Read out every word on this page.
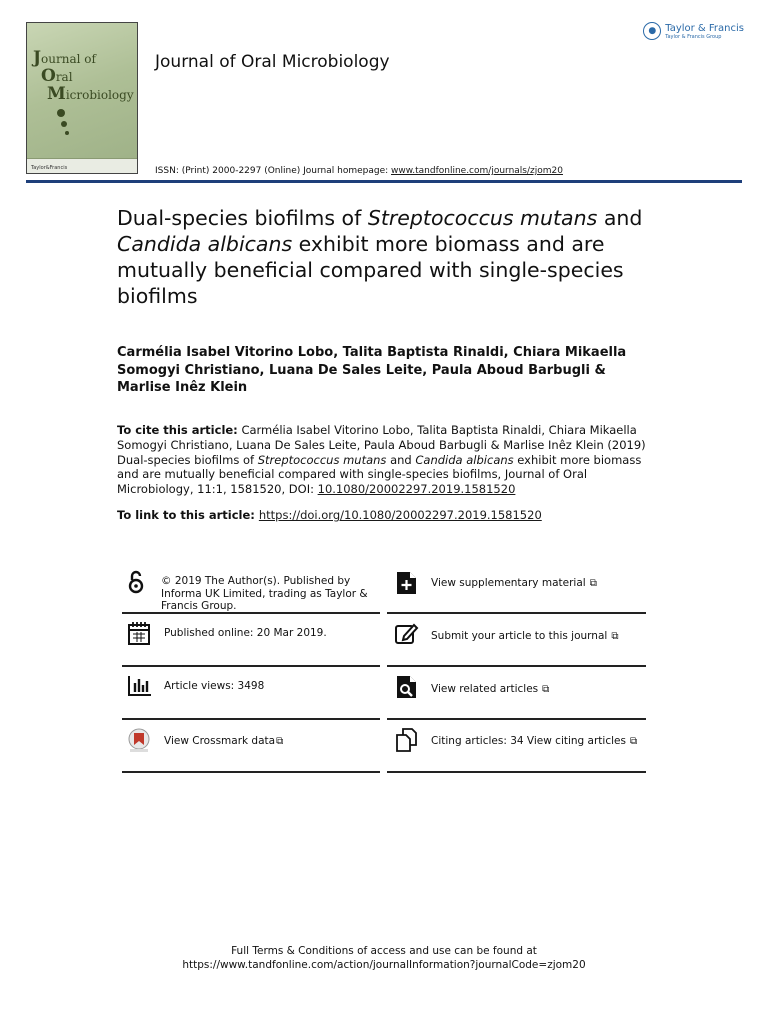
Journal of
Oral
Microbiology
Taylor&Francis
Journal of Oral Microbiology
● Taylor & Francis
Taylor & Francis Group
ISSN: (Print) 2000-2297 (Online) Journal homepage: www.tandfonline.com/journals/zjom20
Dual-species biofilms of Streptococcus mutans and Candida albicans exhibit more biomass and are mutually beneficial compared with single-species biofilms
Carmélia Isabel Vitorino Lobo, Talita Baptista Rinaldi, Chiara Mikaella Somogyi Christiano, Luana De Sales Leite, Paula Aboud Barbugli & Marlise Inêz Klein
To cite this article: Carmélia Isabel Vitorino Lobo, Talita Baptista Rinaldi, Chiara Mikaella Somogyi Christiano, Luana De Sales Leite, Paula Aboud Barbugli & Marlise Inêz Klein (2019) Dual-species biofilms of Streptococcus mutans and Candida albicans exhibit more biomass and are mutually beneficial compared with single-species biofilms, Journal of Oral Microbiology, 11:1, 1581520, DOI: 10.1080/20002297.2019.1581520
To link to this article: https://doi.org/10.1080/20002297.2019.1581520
© 2019 The Author(s). Published by Informa UK Limited, trading as Taylor & Francis Group.
View supplementary material ⧉
Published online: 20 Mar 2019.	Submit your article to this journal ⧉
Article views: 3498	View related articles ⧉
View Crossmark data⧉	Citing articles: 34 View citing articles ⧉
Full Terms & Conditions of access and use can be found at
https://www.tandfonline.com/action/journalInformation?journalCode=zjom20
